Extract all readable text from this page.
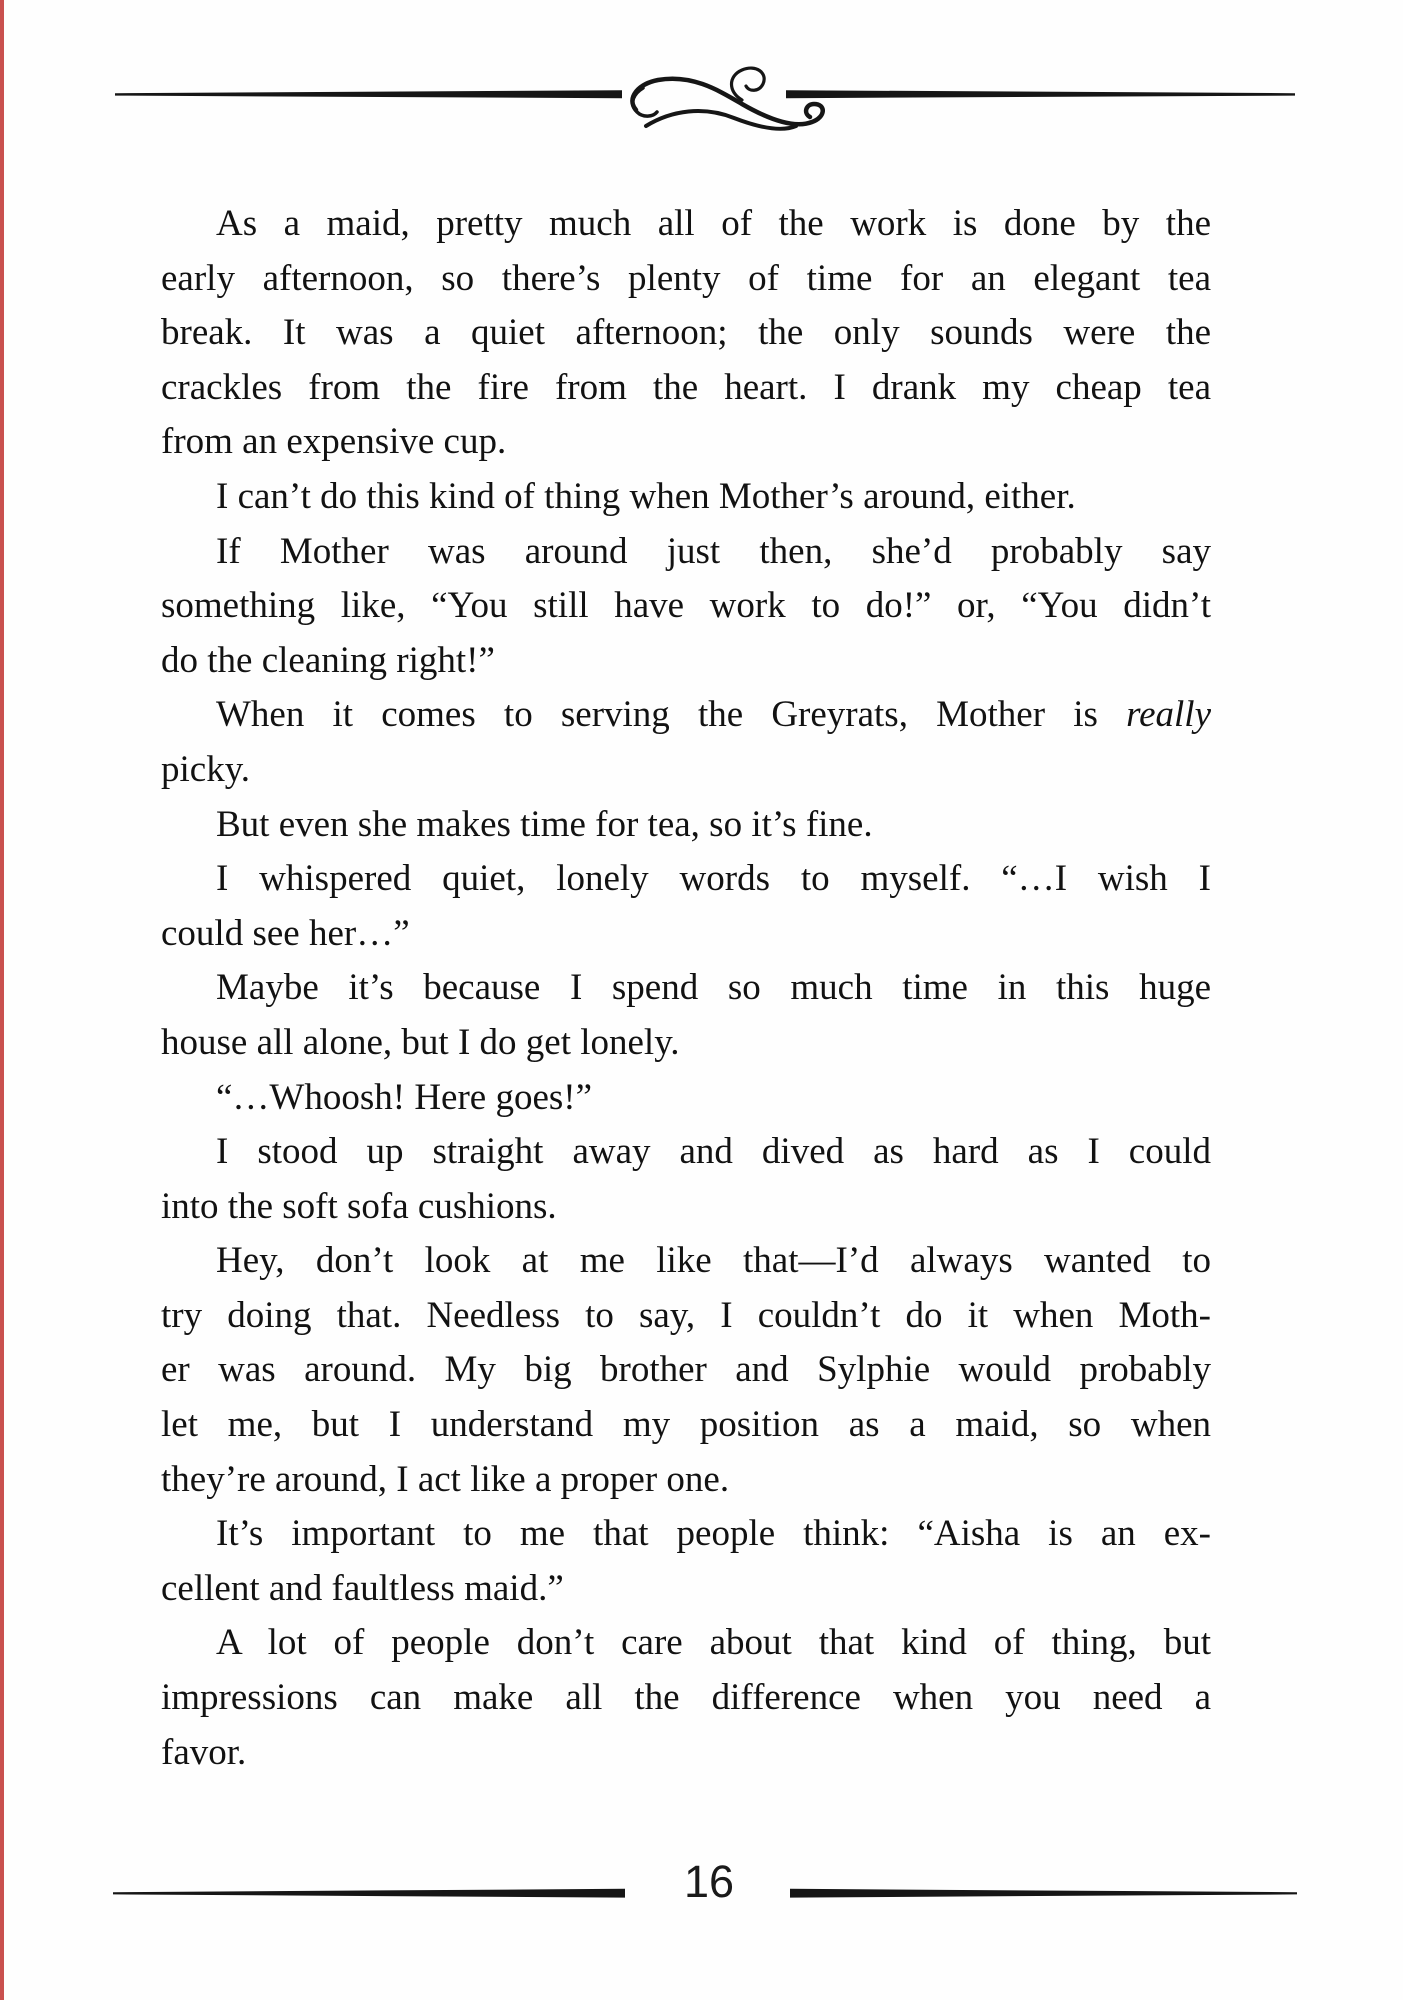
As a maid, pretty much all of the work is done by the
early afternoon, so there’s plenty of time for an elegant tea
break. It was a quiet afternoon; the only sounds were the
crackles from the fire from the heart. I drank my cheap tea
from an expensive cup.
I can’t do this kind of thing when Mother’s around, either.
If Mother was around just then, she’d probably say
something like, “You still have work to do!” or, “You didn’t
do the cleaning right!”
When it comes to serving the Greyrats, Mother is really
picky.
But even she makes time for tea, so it’s fine.
I whispered quiet, lonely words to myself. “…I wish I
could see her…”
Maybe it’s because I spend so much time in this huge
house all alone, but I do get lonely.
“…Whoosh! Here goes!”
I stood up straight away and dived as hard as I could
into the soft sofa cushions.
Hey, don’t look at me like that—I’d always wanted to
try doing that. Needless to say, I couldn’t do it when Moth-
er was around. My big brother and Sylphie would probably
let me, but I understand my position as a maid, so when
they’re around, I act like a proper one.
It’s important to me that people think: “Aisha is an ex-
cellent and faultless maid.”
A lot of people don’t care about that kind of thing, but
impressions can make all the difference when you need a
favor.
16
